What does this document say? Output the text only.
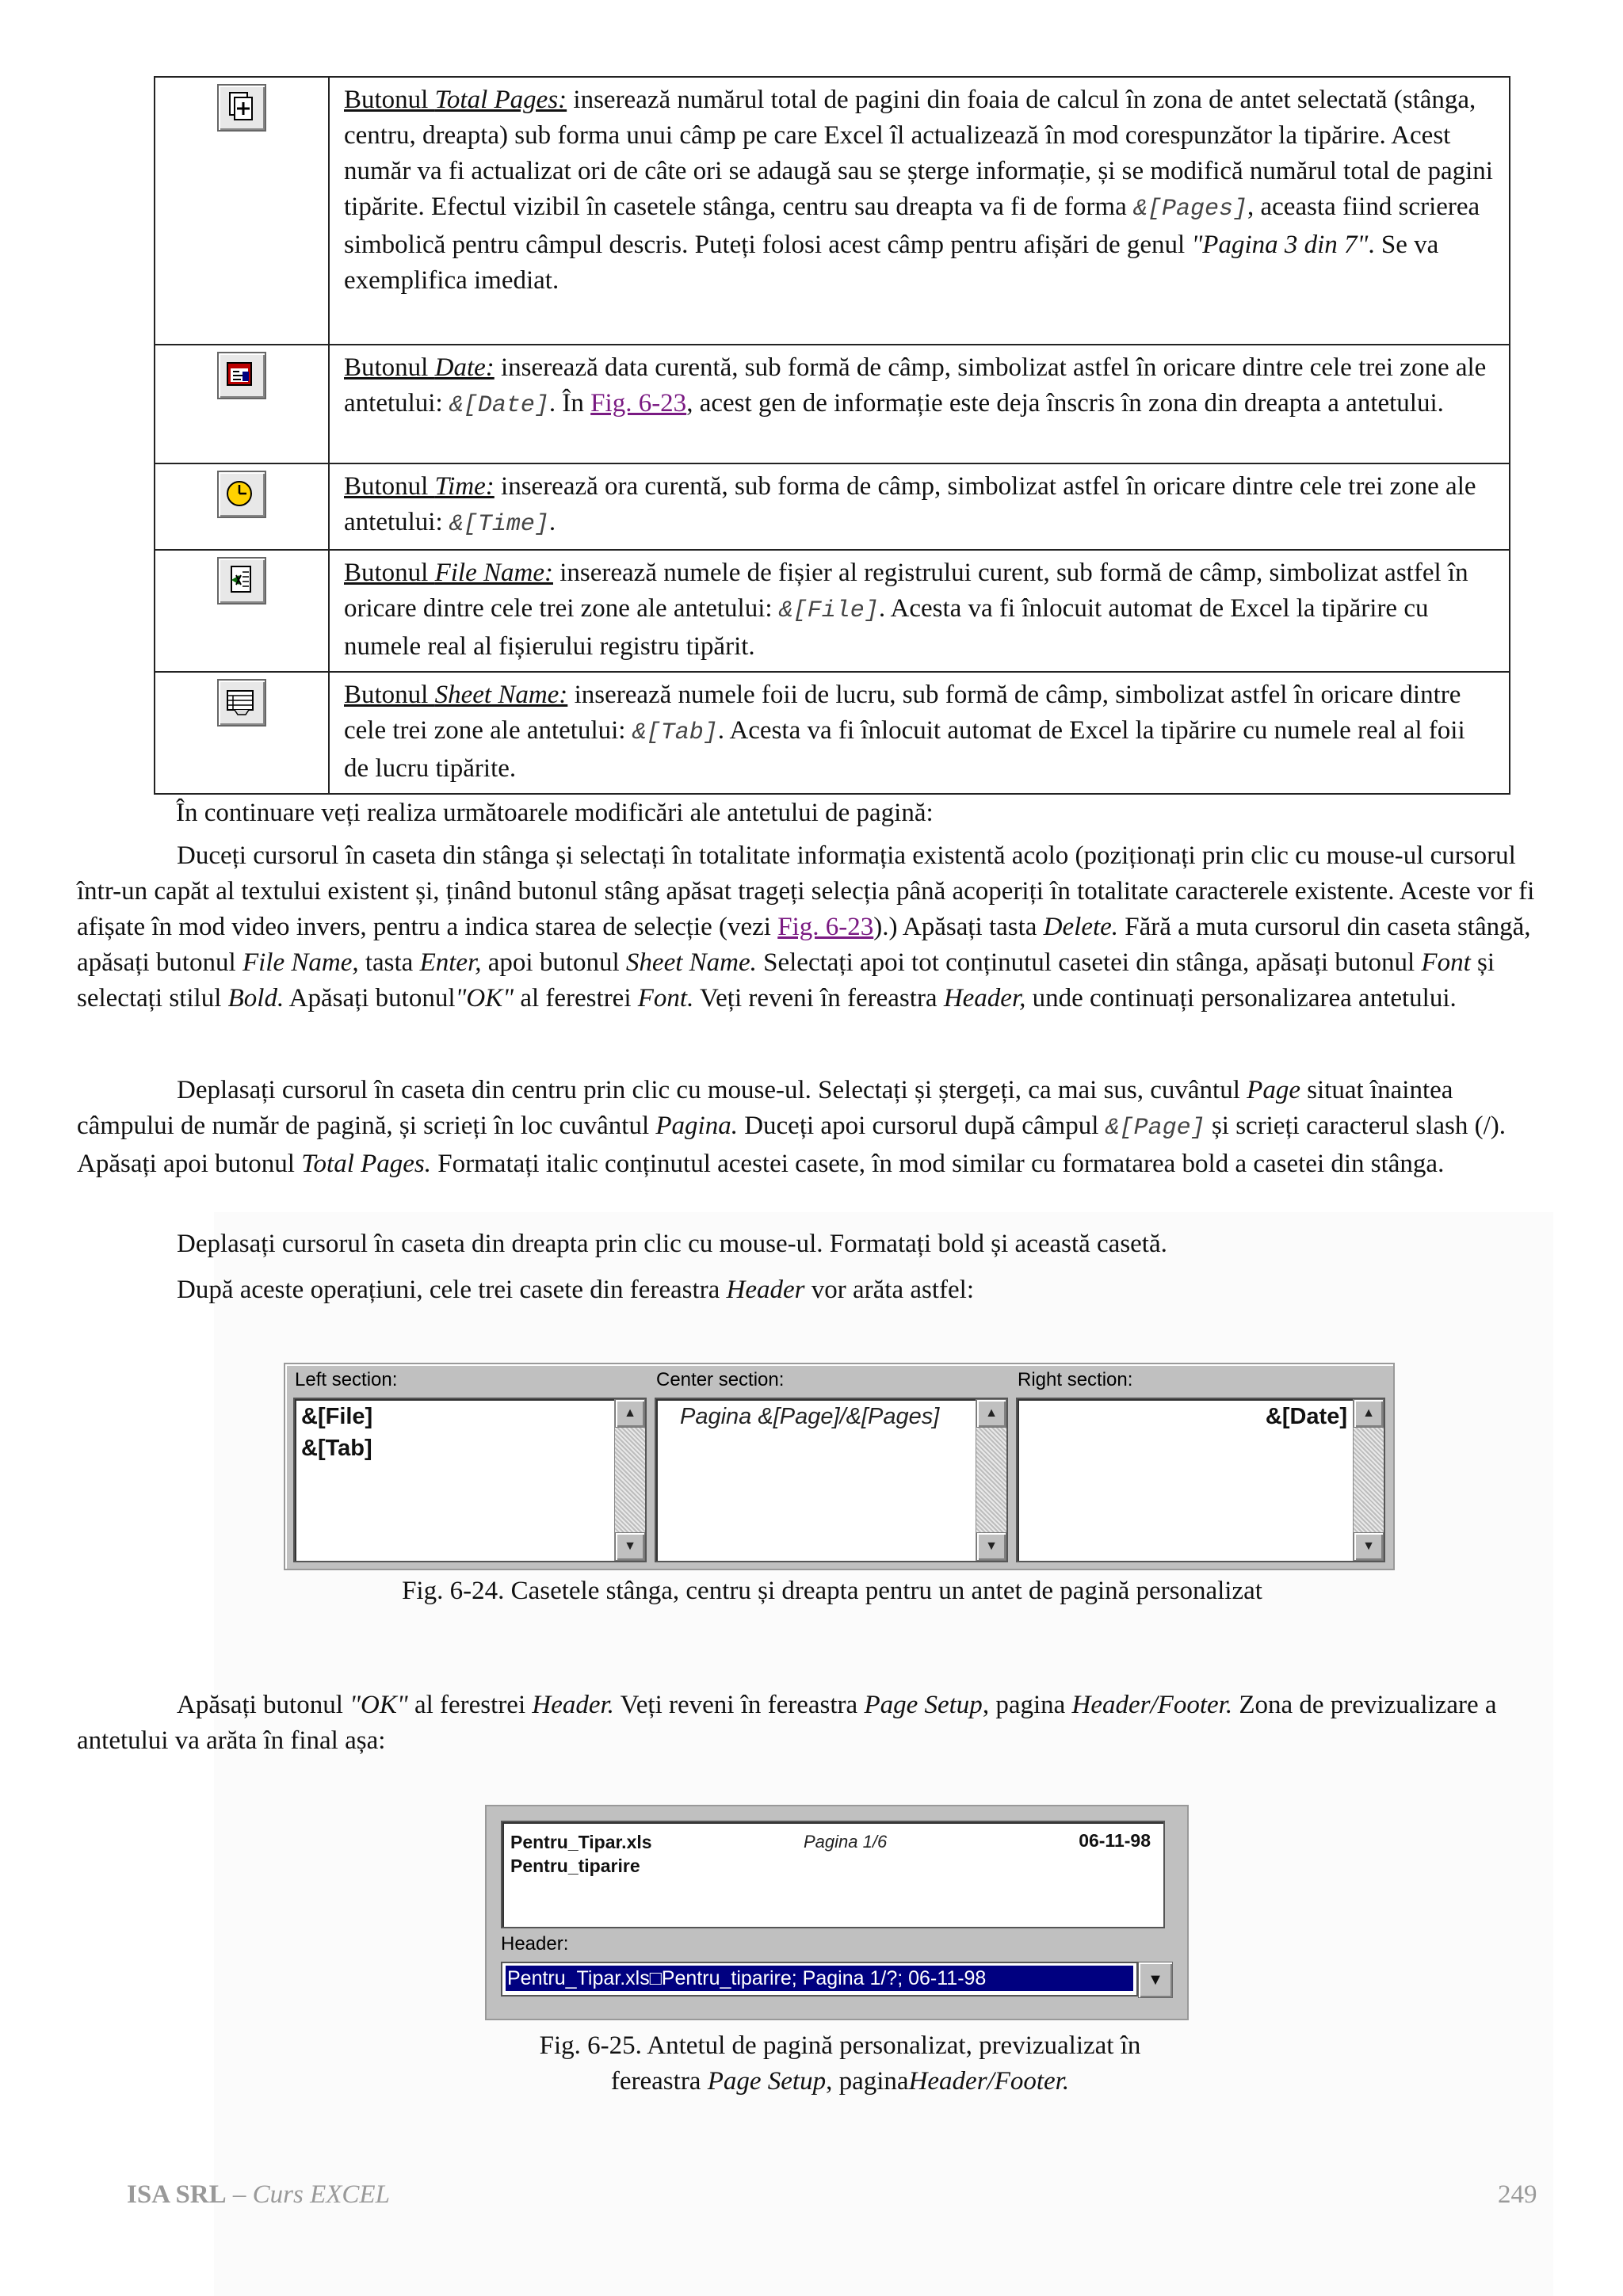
	Butonul Total Pages: inserează numărul total de pagini din foaia de calcul în zona de antet selectată (stânga, centru, dreapta) sub forma unui câmp pe care Excel îl actualizează în mod corespunzător la tipărire. Acest număr va fi actualizat ori de câte ori se adaugă sau se șterge informație, și se modifică numărul total de pagini tipărite. Efectul vizibil în casetele stânga, centru sau dreapta va fi de forma &[Pages], aceasta fiind scrierea simbolică pentru câmpul descris. Puteți folosi acest câmp pentru afișări de genul "Pagina 3 din 7". Se va exemplifica imediat.

	Butonul Date: inserează data curentă, sub formă de câmp, simbolizat astfel în oricare dintre cele trei zone ale antetului: &[Date]. În Fig. 6-23, acest gen de informație este deja înscris în zona din dreapta a antetului.

	Butonul Time: inserează ora curentă, sub forma de câmp, simbolizat astfel în oricare dintre cele trei zone ale antetului: &[Time].

	Butonul File Name: inserează numele de fișier al registrului curent, sub formă de câmp, simbolizat astfel în oricare dintre cele trei zone ale antetului: &[File]. Acesta va fi înlocuit automat de Excel la tipărire cu numele real al fișierului registru tipărit.

	Butonul Sheet Name: inserează numele foii de lucru, sub formă de câmp, simbolizat astfel în oricare dintre cele trei zone ale antetului: &[Tab]. Acesta va fi înlocuit automat de Excel la tipărire cu numele real al foii de lucru tipărite.

În continuare veți realiza următoarele modificări ale antetului de pagină:

Duceți cursorul în caseta din stânga și selectați în totalitate informația existentă acolo (poziționați prin clic cu mouse-ul cursorul într-un capăt al textului existent și, ținând butonul stâng apăsat trageți selecția până acoperiți în totalitate caracterele existente. Aceste vor fi afișate în mod video invers, pentru a indica starea de selecție (vezi Fig. 6-23).) Apăsați tasta Delete. Fără a muta cursorul din caseta stângă, apăsați butonul File Name, tasta Enter, apoi butonul Sheet Name. Selectați apoi tot conținutul casetei din stânga, apăsați butonul Font și selectați stilul Bold. Apăsați butonul"OK" al ferestrei Font. Veți reveni în fereastra Header, unde continuați personalizarea antetului.

Deplasați cursorul în caseta din centru prin clic cu mouse-ul. Selectați și ștergeți, ca mai sus, cuvântul Page situat înaintea câmpului de număr de pagină, și scrieți în loc cuvântul Pagina. Duceți apoi cursorul după câmpul &[Page] și scrieți caracterul slash (/). Apăsați apoi butonul Total Pages. Formatați italic conținutul acestei casete, în mod similar cu formatarea bold a casetei din stânga.

Deplasați cursorul în caseta din dreapta prin clic cu mouse-ul. Formatați bold și această casetă.

După aceste operațiuni, cele trei casete din fereastra Header vor arăta astfel:

Left section:	Center section:	Right section:
&[File]
&[Tab]
▲
▼
Pagina &[Page]/&[Pages]	▲
▼
&[Date]	▲
▼
Fig. 6-24. Casetele stânga, centru și dreapta pentru un antet de pagină personalizat

Apăsați butonul "OK" al ferestrei Header. Veți reveni în fereastra Page Setup, pagina Header/Footer. Zona de previzualizare a antetului va arăta în final așa:

Pentru_Tipar.xls
Pentru_tiparire
Pagina 1/6	06-11-98
Header:
Pentru_Tipar.xls□Pentru_tiparire; Pagina 1/?; 06-11-98	▼
Fig. 6-25. Antetul de pagină personalizat, previzualizat în
fereastra Page Setup, paginaHeader/Footer.
ISA SRL – Curs EXCEL	249
